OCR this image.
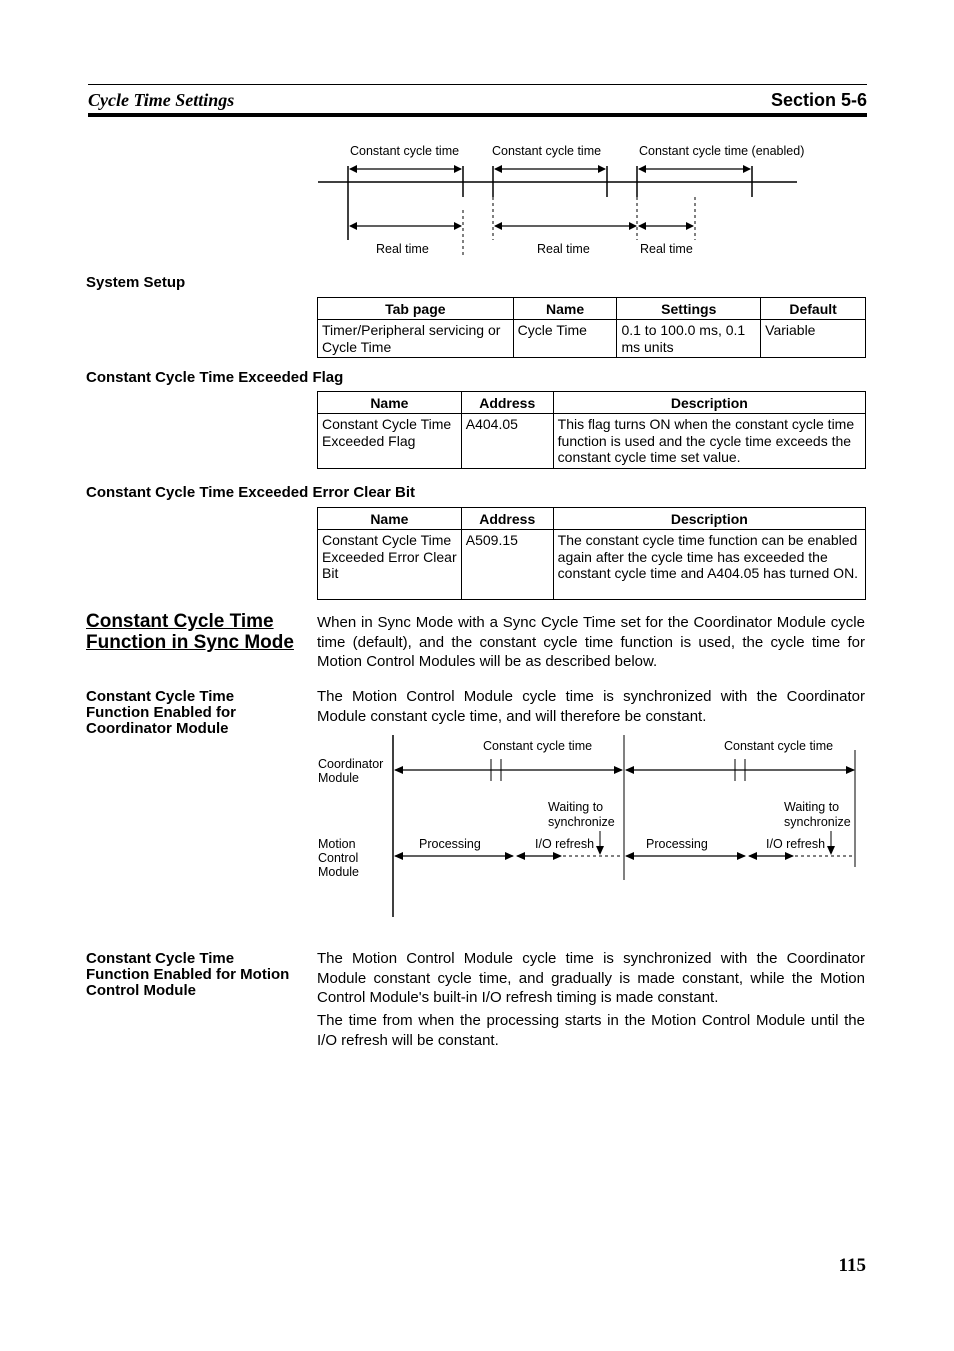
Cycle Time Settings	Section 5-6
Constant cycle time	Constant cycle time	Constant cycle time (enabled)
Real time	Real time	Real time
System Setup
Tab page	Name	Settings	Default
Timer/Peripheral servicing or Cycle Time	Cycle Time	0.1 to 100.0 ms, 0.1 ms units	Variable
Constant Cycle Time Exceeded Flag
Name	Address	Description
Constant Cycle Time Exceeded Flag	A404.05	This flag turns ON when the constant cycle time function is used and the cycle time exceeds the constant cycle time set value.
Constant Cycle Time Exceeded Error Clear Bit
Name	Address	Description
Constant Cycle Time Exceeded Error Clear Bit	A509.15	The constant cycle time function can be enabled again after the cycle time has exceeded the constant cycle time and A404.05 has turned ON.
Constant Cycle Time Function in Sync Mode
When in Sync Mode with a Sync Cycle Time set for the Coordinator Module cycle time (default), and the constant cycle time function is used, the cycle time for Motion Control Modules will be as described below.
Constant Cycle Time Function Enabled for Coordinator Module
The Motion Control Module cycle time is synchronized with the Coordinator Module constant cycle time, and will therefore be constant.
Coordinator Module
Motion Control Module
Constant cycle time	Constant cycle time
Waiting to
synchronize
Waiting to
synchronize
Processing	I/O refresh	Processing	I/O refresh
Constant Cycle Time Function Enabled for Motion Control Module
The Motion Control Module cycle time is synchronized with the Coordinator Module constant cycle time, and gradually is made constant, while the Motion Control Module's built-in I/O refresh timing is made constant.
The time from when the processing starts in the Motion Control Module until the I/O refresh will be constant.
115
